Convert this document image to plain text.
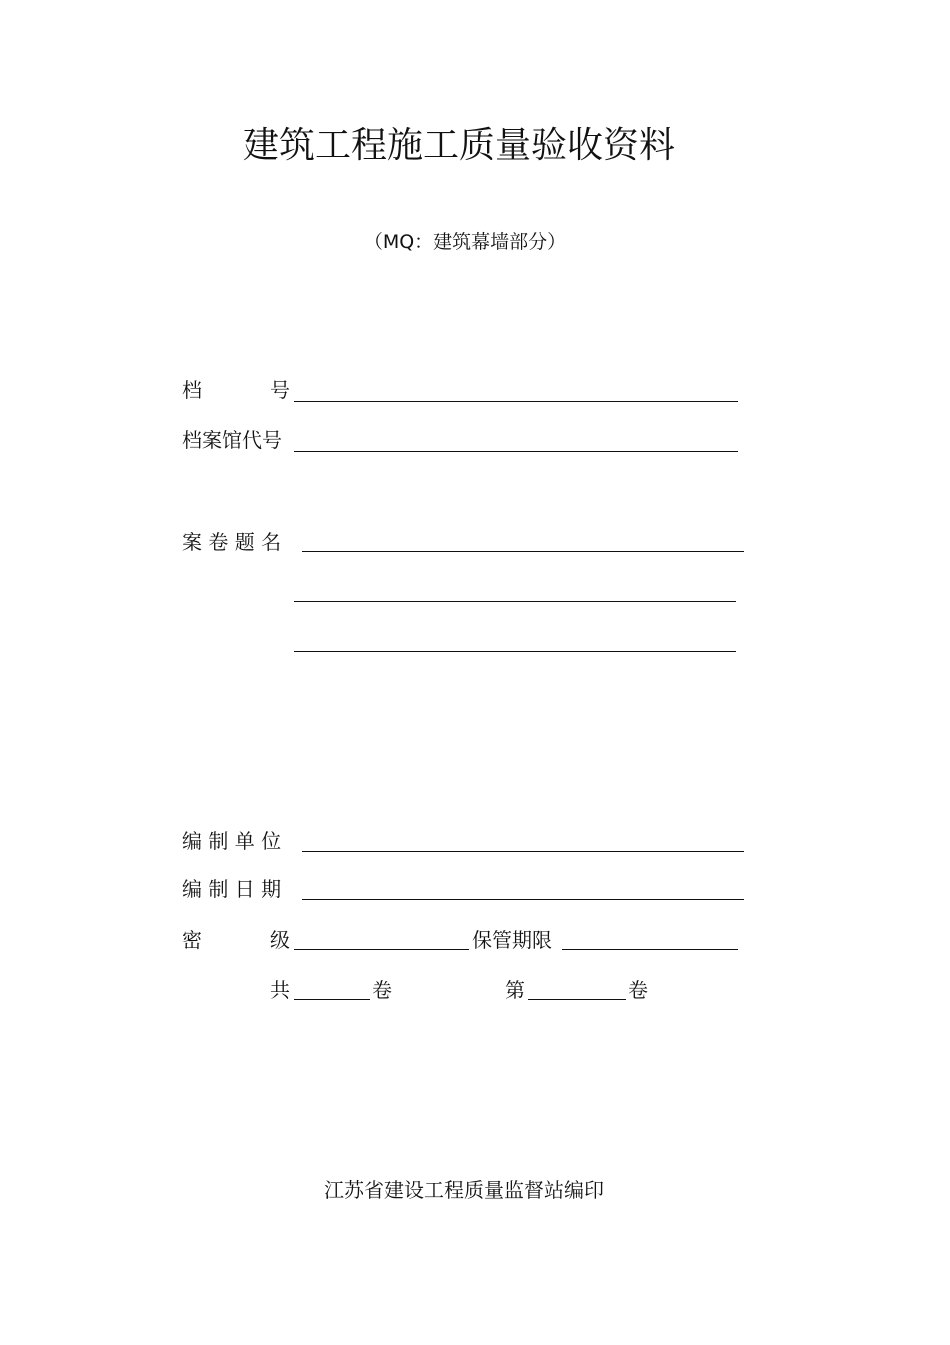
建筑工程施工质量验收资料
（MQ：建筑幕墙部分）
档	号
档案馆代号
案 卷 题 名
编 制 单 位
编 制 日 期
密	级	保管期限
共	卷	第	卷
江苏省建设工程质量监督站编印
